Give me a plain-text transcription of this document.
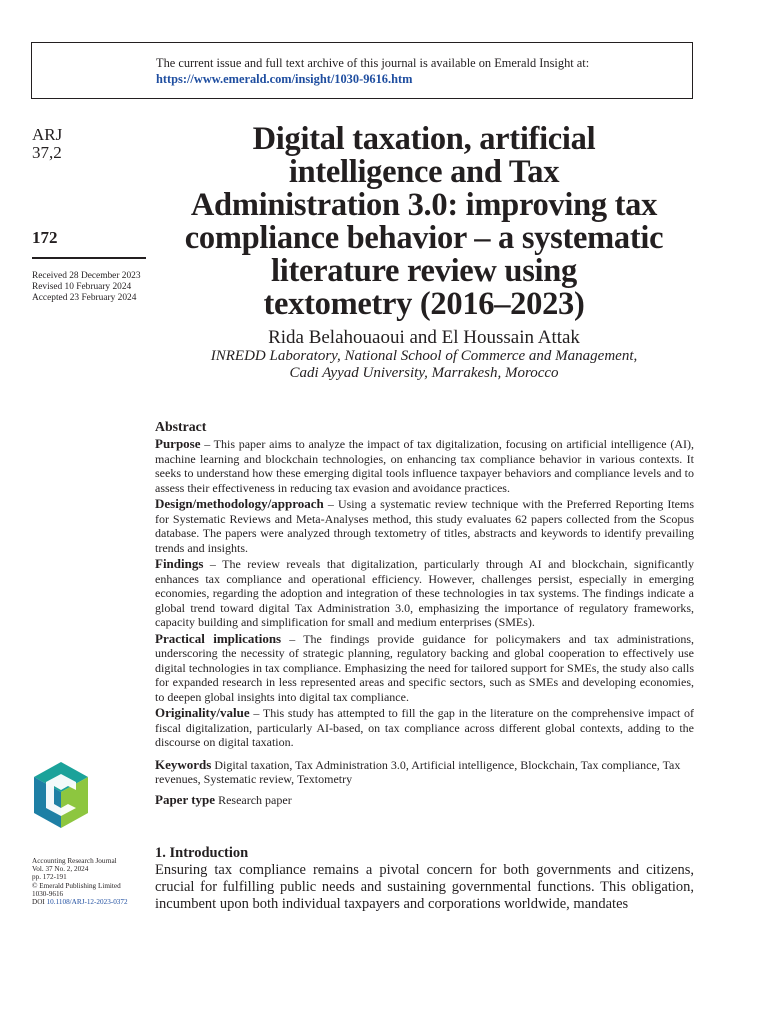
The current issue and full text archive of this journal is available on Emerald Insight at:
https://www.emerald.com/insight/1030-9616.htm
ARJ
37,2
172
Received 28 December 2023
Revised 10 February 2024
Accepted 23 February 2024
Digital taxation, artificial
intelligence and Tax
Administration 3.0: improving tax
compliance behavior – a systematic
literature review using
textometry (2016–2023)
Rida Belahouaoui and El Houssain Attak
INREDD Laboratory, National School of Commerce and Management,
Cadi Ayyad University, Marrakesh, Morocco
Abstract

Purpose – This paper aims to analyze the impact of tax digitalization, focusing on artificial intelligence (AI), machine learning and blockchain technologies, on enhancing tax compliance behavior in various contexts. It seeks to understand how these emerging digital tools influence taxpayer behaviors and compliance levels and to assess their effectiveness in reducing tax evasion and avoidance practices.

Design/methodology/approach – Using a systematic review technique with the Preferred Reporting Items for Systematic Reviews and Meta-Analyses method, this study evaluates 62 papers collected from the Scopus database. The papers were analyzed through textometry of titles, abstracts and keywords to identify prevailing trends and insights.

Findings – The review reveals that digitalization, particularly through AI and blockchain, significantly enhances tax compliance and operational efficiency. However, challenges persist, especially in emerging economies, regarding the adoption and integration of these technologies in tax systems. The findings indicate a global trend toward digital Tax Administration 3.0, emphasizing the importance of regulatory frameworks, capacity building and simplification for small and medium enterprises (SMEs).

Practical implications – The findings provide guidance for policymakers and tax administrations, underscoring the necessity of strategic planning, regulatory backing and global cooperation to effectively use digital technologies in tax compliance. Emphasizing the need for tailored support for SMEs, the study also calls for expanded research in less represented areas and specific sectors, such as SMEs and developing economies, to deepen global insights into digital tax compliance.

Originality/value – This study has attempted to fill the gap in the literature on the comprehensive impact of fiscal digitalization, particularly AI-based, on tax compliance across different global contexts, adding to the discourse on digital taxation.

Keywords Digital taxation, Tax Administration 3.0, Artificial intelligence, Blockchain, Tax compliance, Tax revenues, Systematic review, Textometry
Paper type Research paper
Accounting Research Journal
Vol. 37 No. 2, 2024
pp. 172-191
© Emerald Publishing Limited
1030-9616
DOI 10.1108/ARJ-12-2023-0372
1. Introduction

Ensuring tax compliance remains a pivotal concern for both governments and citizens, crucial for fulfilling public needs and sustaining governmental functions. This obligation, incumbent upon both individual taxpayers and corporations worldwide, mandates
